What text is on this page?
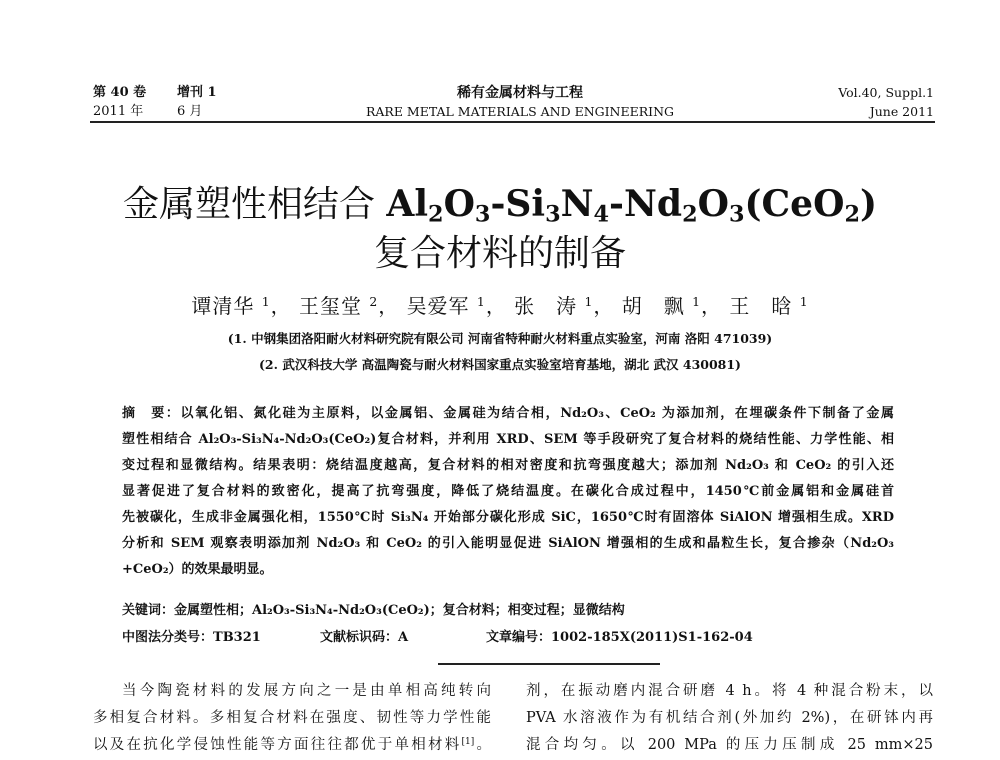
第 40 卷 增刊 1
2011 年	6 月
稀有金属材料与工程
RARE METAL MATERIALS AND ENGINEERING
Vol.40, Suppl.1
June 2011
金属塑性相结合 $Al_2O_3-Si_3N_4-Nd_2O_3(CeO_2)$
复合材料的制备
谭清华 $^1$， 王玺堂 $^2$， 吴爱军 $^1$， 张　涛 $^1$， 胡　飘 $^1$， 王　晗 $^1$
(1. 中钢集团洛阳耐火材料研究院有限公司 河南省特种耐火材料重点实验室，河南 洛阳 471039)
(2. 武汉科技大学 高温陶瓷与耐火材料国家重点实验室培育基地，湖北 武汉 430081)

摘　要：以氧化铝、氮化硅为主原料，以金属铝、金属硅为结合相，Nd₂O₃、CeO₂ 为添加剂，在埋碳条件下制备了金属

塑性相结合 Al₂O₃-Si₃N₄-Nd₂O₃(CeO₂)复合材料，并利用 XRD、SEM 等手段研究了复合材料的烧结性能、力学性能、相

变过程和显微结构。结果表明：烧结温度越高，复合材料的相对密度和抗弯强度越大；添加剂 Nd₂O₃ 和 CeO₂ 的引入还

显著促进了复合材料的致密化，提高了抗弯强度，降低了烧结温度。在碳化合成过程中，1450℃前金属铝和金属硅首

先被碳化，生成非金属强化相，1550℃时 Si₃N₄ 开始部分碳化形成 SiC，1650℃时有固溶体 SiAlON 增强相生成。XRD

分析和 SEM 观察表明添加剂 Nd₂O₃ 和 CeO₂ 的引入能明显促进 SiAlON 增强相的生成和晶粒生长，复合掺杂（Nd₂O₃

+CeO₂）的效果最明显。

关键词：金属塑性相；Al₂O₃-Si₃N₄-Nd₂O₃(CeO₂)；复合材料；相变过程；显微结构
中图法分类号：TB321	文献标识码：A	文章编号：1002-185X(2011)S1-162-04

当今陶瓷材料的发展方向之一是由单相高纯转向

多相复合材料。多相复合材料在强度、韧性等力学性能

以及在抗化学侵蚀性能等方面往往都优于单相材料[1]。

剂，在振动磨内混合研磨 4 h。将 4 种混合粉末，以

PVA 水溶液作为有机结合剂(外加约 2%)，在研钵内再

混合均匀。以 200 MPa 的压力压制成 25 mm×25
